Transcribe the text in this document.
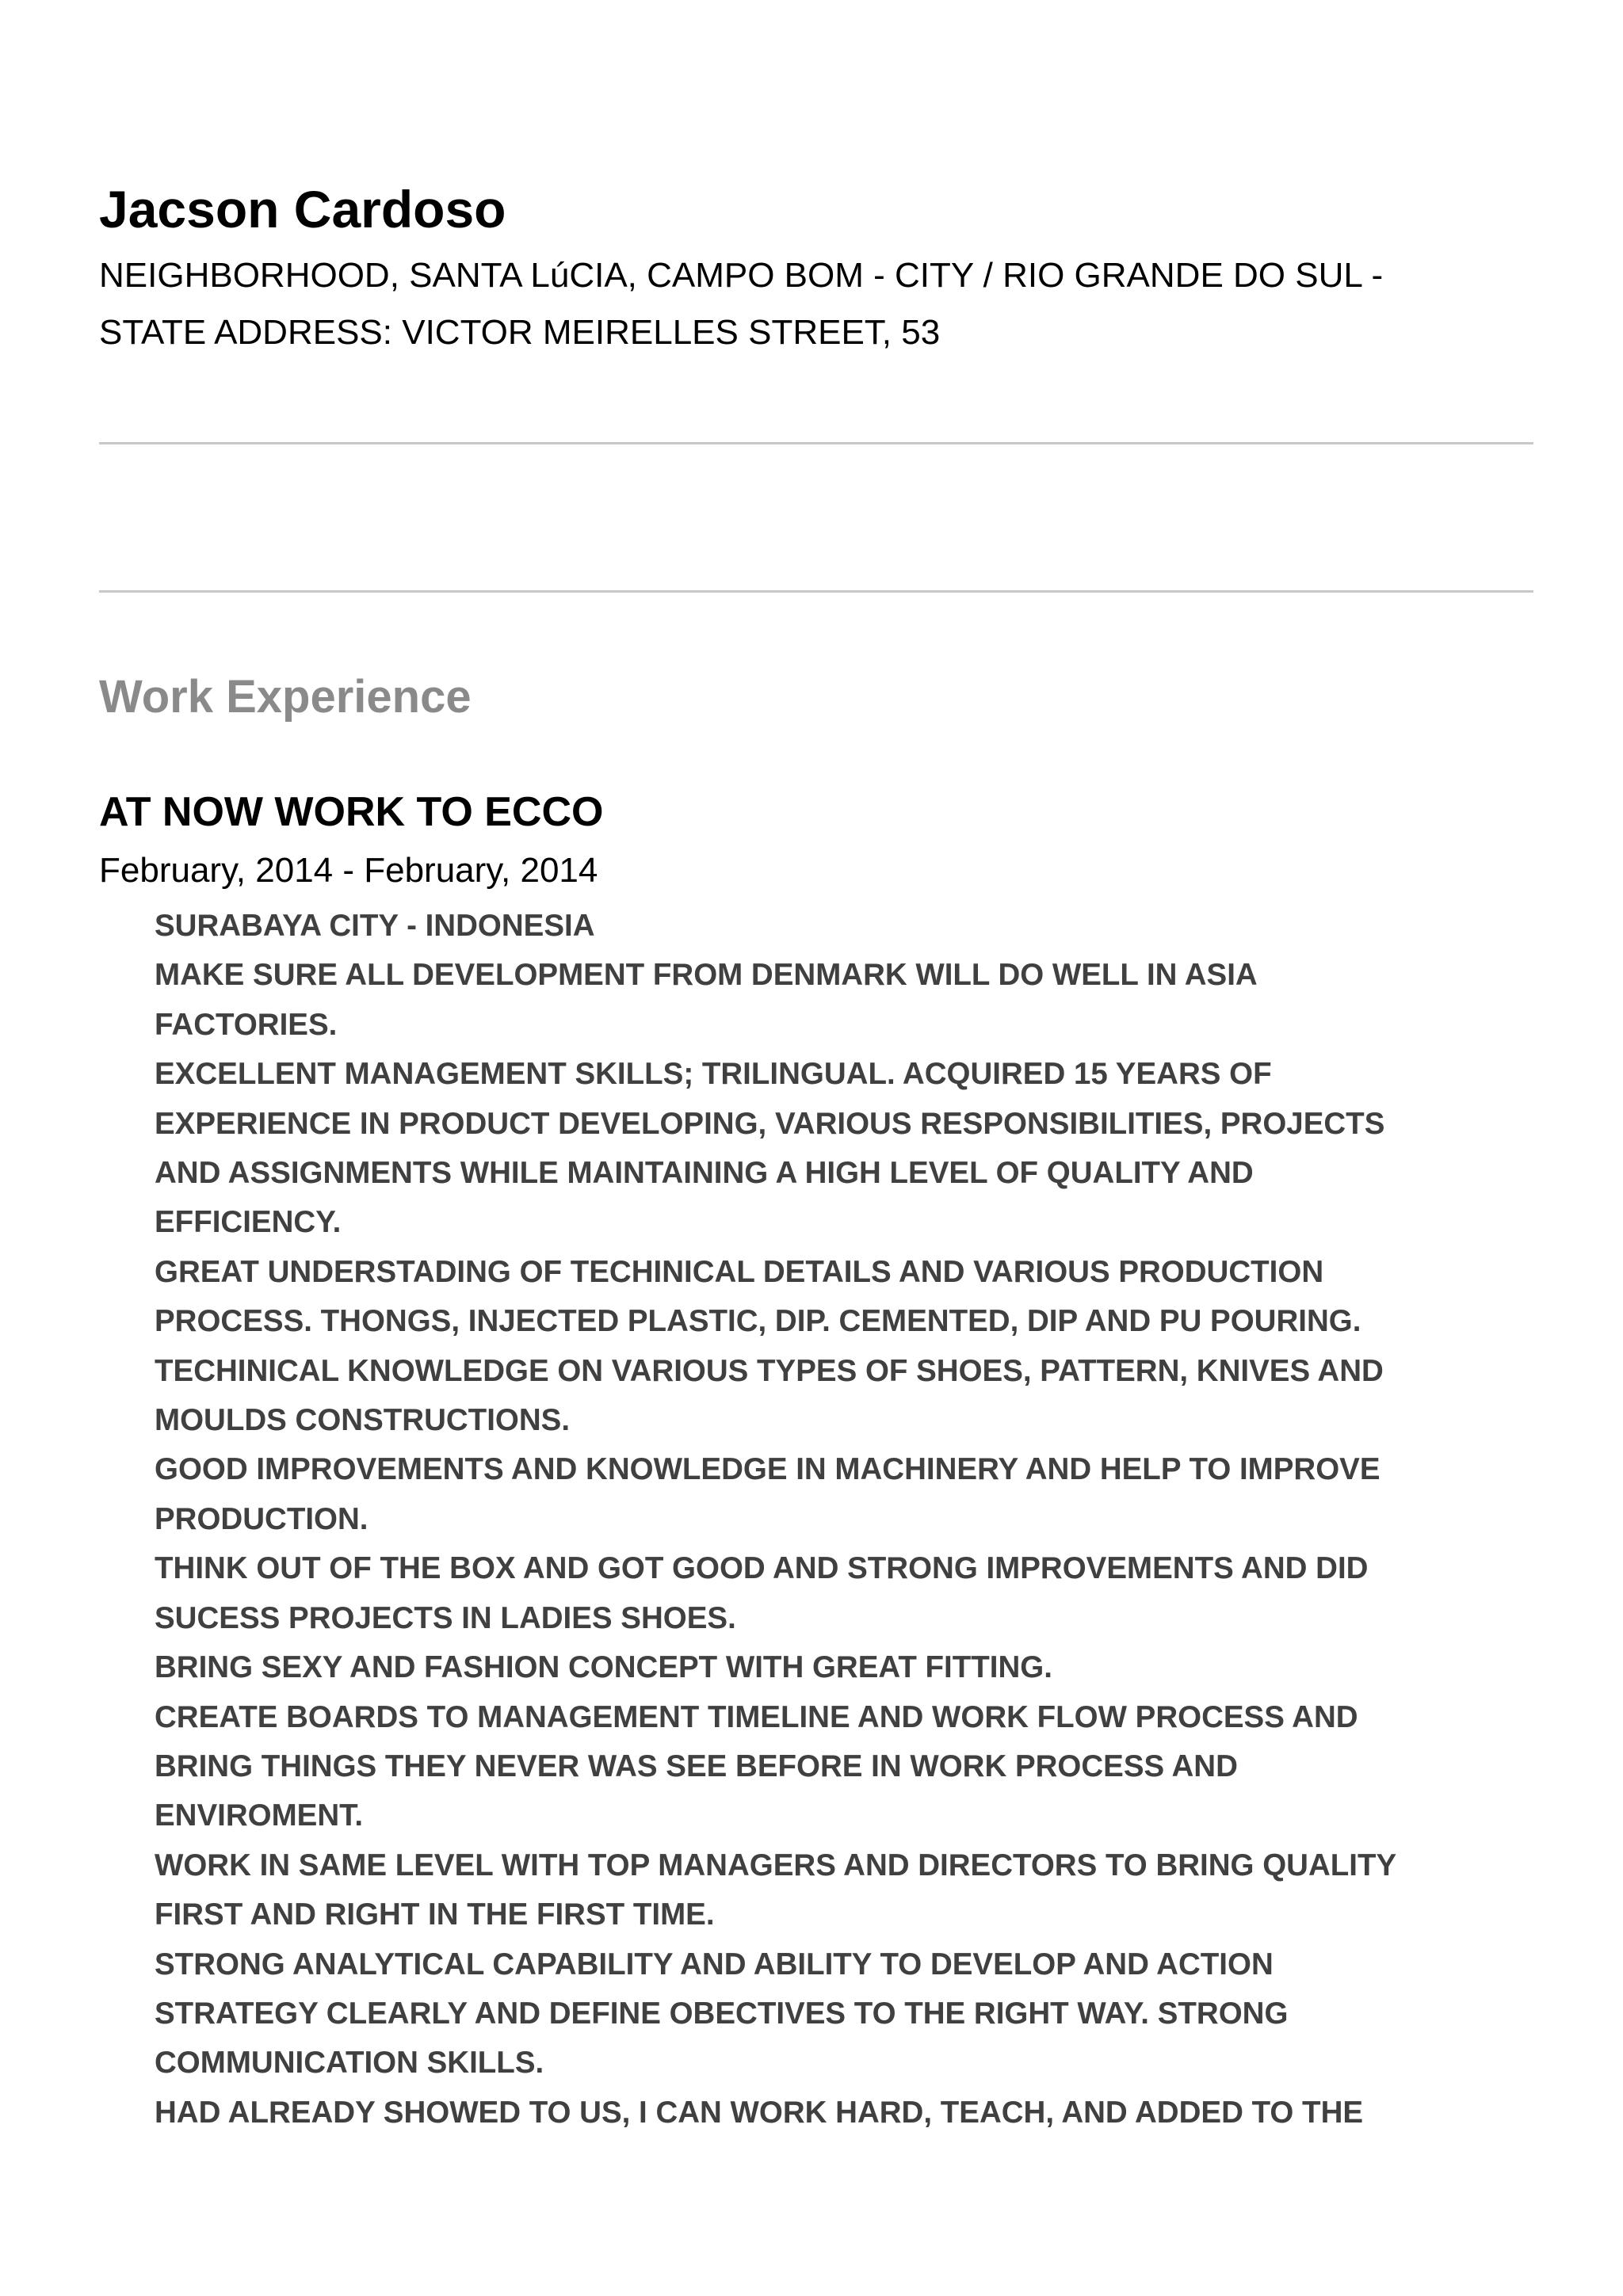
Jacson Cardoso

NEIGHBORHOOD, SANTA LúCIA, CAMPO BOM - CITY / RIO GRANDE DO SUL -
STATE ADDRESS: VICTOR MEIRELLES STREET, 53

Work Experience
AT NOW WORK TO ECCO

February, 2014 - February, 2014

SURABAYA CITY - INDONESIA
MAKE SURE ALL DEVELOPMENT FROM DENMARK WILL DO WELL IN ASIA
FACTORIES.
EXCELLENT MANAGEMENT SKILLS; TRILINGUAL. ACQUIRED 15 YEARS OF
EXPERIENCE IN PRODUCT DEVELOPING, VARIOUS RESPONSIBILITIES, PROJECTS
AND ASSIGNMENTS WHILE MAINTAINING A HIGH LEVEL OF QUALITY AND
EFFICIENCY.
GREAT UNDERSTADING OF TECHINICAL DETAILS AND VARIOUS PRODUCTION
PROCESS. THONGS, INJECTED PLASTIC, DIP. CEMENTED, DIP AND PU POURING.
TECHINICAL KNOWLEDGE ON VARIOUS TYPES OF SHOES, PATTERN, KNIVES AND
MOULDS CONSTRUCTIONS.
GOOD IMPROVEMENTS AND KNOWLEDGE IN MACHINERY AND HELP TO IMPROVE
PRODUCTION.
THINK OUT OF THE BOX AND GOT GOOD AND STRONG IMPROVEMENTS AND DID
SUCESS PROJECTS IN LADIES SHOES.
BRING SEXY AND FASHION CONCEPT WITH GREAT FITTING.
CREATE BOARDS TO MANAGEMENT TIMELINE AND WORK FLOW PROCESS AND
BRING THINGS THEY NEVER WAS SEE BEFORE IN WORK PROCESS AND
ENVIROMENT.
WORK IN SAME LEVEL WITH TOP MANAGERS AND DIRECTORS TO BRING QUALITY
FIRST AND RIGHT IN THE FIRST TIME.
STRONG ANALYTICAL CAPABILITY AND ABILITY TO DEVELOP AND ACTION
STRATEGY CLEARLY AND DEFINE OBECTIVES TO THE RIGHT WAY. STRONG
COMMUNICATION SKILLS.
HAD ALREADY SHOWED TO US, I CAN WORK HARD, TEACH, AND ADDED TO THE
